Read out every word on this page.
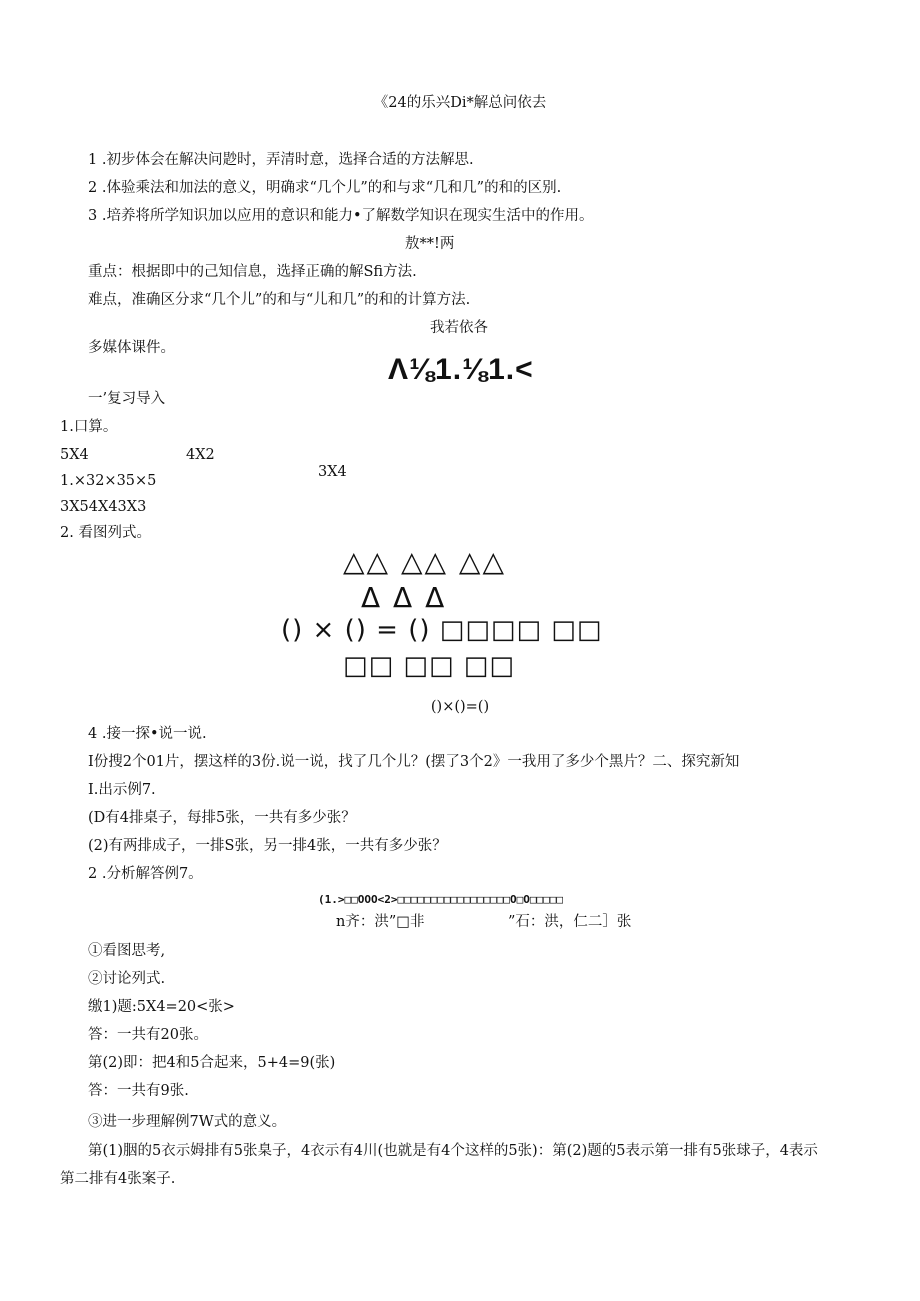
《24的乐兴Di*解总问依去
1 .初步体会在解决问尟时，弄清时意，选择合适的方法解思.
2 .体验乘法和加法的意义，明确求“几个儿”的和与求“几和几”的和的区别.
3 .培养将所学知识加以应用的意识和能力•了解数学知识在现实生活中的作用。
敖**!两
重点：根据即中的己知信息，选择正确的解Sfi方法.
难点，准确区分求“几个儿”的和与“儿和几”的和的计算方法.
我若依各
多媒体课件。
Λ⅛1.⅛1.<
一’复习导入
1.口算。
5X4	4X2
1.×32×35×5
3X4
3X54X43X3
2. 看图列式。
△△ △△ △△
Δ Δ Δ
() × () = () □□□□ □□
□□ □□ □□
()×()=()
4 .接一探•说一说.
I份搜2个01片，摆这样的3份.说一说，找了几个儿？(摆了3个2》一我用了多少个黑片？二、探究新知
I.出示例7.
(D有4排桌子，每排5张，一共有多少张？
(2)有两排成子，一排S张，另一排4张，一共有多少张？
2 .分析解答例7。
(1.>□□OOO<2>□□□□□□□□□□□□□□□□□O□O□□□□□
n齐：洪”□非	”石：洪，仁二］张
①看图思考,
②讨论列式.
缴1)题:5X4=20<张>
答：一共有20张。
第(2)即：把4和5合起来，5+4=9(张)
答：一共有9张.
③进一步理解例7W式的意义。
第(1)胭的5衣示姆排有5张臬子，4衣示有4川(也就是有4个这样的5张)：第(2)题的5表示第一排有5张球子，4表示
第二排有4张案子.
